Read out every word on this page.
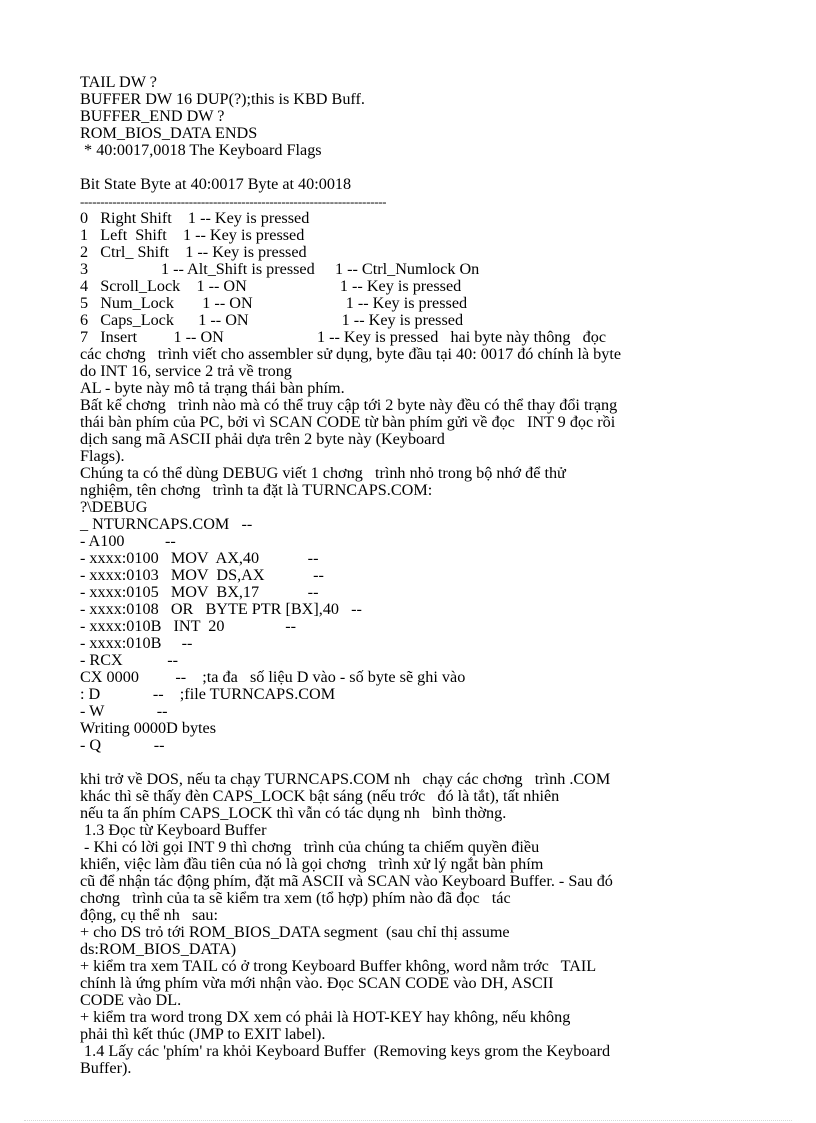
TAIL DW ?
BUFFER DW 16 DUP(?);this is KBD Buff.
BUFFER_END DW ?
ROM_BIOS_DATA ENDS
* 40:0017,0018 The Keyboard Flags
Bit State Byte at 40:0017 Byte at 40:0018
----------------------------------------------------------------------------
0   Right Shift    1 -- Key is pressed
1   Left  Shift    1 -- Key is pressed
2   Ctrl_ Shift    1 -- Key is pressed
3                  1 -- Alt_Shift is pressed     1 -- Ctrl_Numlock On
4   Scroll_Lock    1 -- ON                       1 -- Key is pressed
5   Num_Lock       1 -- ON                       1 -- Key is pressed
6   Caps_Lock      1 -- ON                       1 -- Key is pressed
7   Insert         1 -- ON                       1 -- Key is pressed   hai byte này thông   đọc
các chơng   trình viết cho assembler sử dụng, byte đầu tại 40: 0017 đó chính là byte
do INT 16, service 2 trả về trong
AL - byte này mô tả trạng thái bàn phím.
Bất kể chơng   trình nào mà có thể truy cập tới 2 byte này đều có thể thay đổi trạng
thái bàn phím của PC, bởi vì SCAN CODE từ bàn phím gửi về đọc   INT 9 đọc rồi
dịch sang mã ASCII phải dựa trên 2 byte này (Keyboard
Flags).
Chúng ta có thể dùng DEBUG viết 1 chơng   trình nhỏ trong bộ nhớ để thử
nghiệm, tên chơng   trình ta đặt là TURNCAPS.COM:
?\DEBUG
_ NTURNCAPS.COM   --
- A100          --
- xxxx:0100   MOV  AX,40            --
- xxxx:0103   MOV  DS,AX            --
- xxxx:0105   MOV  BX,17            --
- xxxx:0108   OR   BYTE PTR [BX],40   --
- xxxx:010B   INT  20               --
- xxxx:010B     --
- RCX           --
CX 0000         --    ;ta đa   số liệu D vào - số byte sẽ ghi vào
: D             --    ;file TURNCAPS.COM
- W             --
Writing 0000D bytes
- Q             --
khi trở về DOS, nếu ta chạy TURNCAPS.COM nh   chạy các chơng   trình .COM
khác thì sẽ thấy đèn CAPS_LOCK bật sáng (nếu trớc   đó là tắt), tất nhiên
nếu ta ấn phím CAPS_LOCK thì vẫn có tác dụng nh   bình thờng.
1.3 Đọc từ Keyboard Buffer
- Khi có lời gọi INT 9 thì chơng   trình của chúng ta chiếm quyền điều
khiển, việc làm đầu tiên của nó là gọi chơng   trình xử lý ngắt bàn phím
cũ để nhận tác động phím, đặt mã ASCII và SCAN vào Keyboard Buffer. - Sau đó
chơng   trình của ta sẽ kiểm tra xem (tổ hợp) phím nào đã đọc   tác
động, cụ thể nh   sau:
+ cho DS trỏ tới ROM_BIOS_DATA segment  (sau chỉ thị assume
ds:ROM_BIOS_DATA)
+ kiểm tra xem TAIL có ở trong Keyboard Buffer không, word nằm trớc   TAIL
chính là ứng phím vừa mới nhận vào. Đọc SCAN CODE vào DH, ASCII
CODE vào DL.
+ kiểm tra word trong DX xem có phải là HOT-KEY hay không, nếu không
phải thì kết thúc (JMP to EXIT label).
1.4 Lấy các 'phím' ra khỏi Keyboard Buffer  (Removing keys grom the Keyboard
Buffer).
